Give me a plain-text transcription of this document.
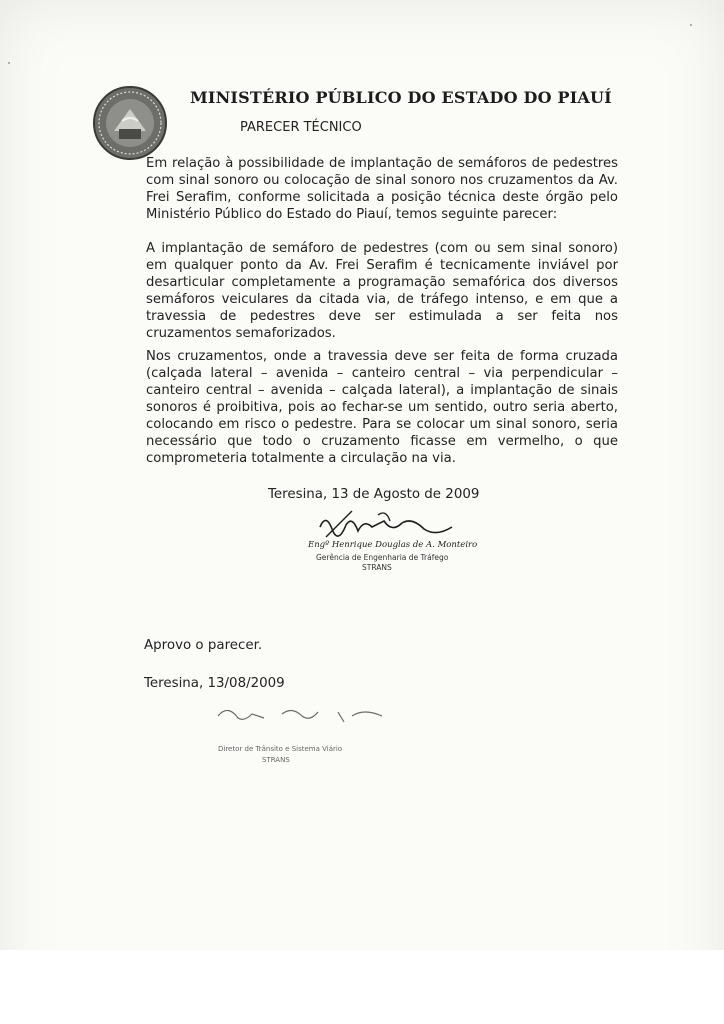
MINISTÉRIO PÚBLICO DO ESTADO DO PIAUÍ
PARECER TÉCNICO

Em relação à possibilidade de implantação de semáforos de pedestres com sinal sonoro ou colocação de sinal sonoro nos cruzamentos da Av. Frei Serafim, conforme solicitada a posição técnica deste órgão pelo Ministério Público do Estado do Piauí, temos seguinte parecer:

A implantação de semáforo de pedestres (com ou sem sinal sonoro) em qualquer ponto da Av. Frei Serafim é tecnicamente inviável por desarticular completamente a programação semafórica dos diversos semáforos veiculares da citada via, de tráfego intenso, e em que a travessia de pedestres deve ser estimulada a ser feita nos cruzamentos semaforizados.

Nos cruzamentos, onde a travessia deve ser feita de forma cruzada (calçada lateral – avenida – canteiro central – via perpendicular – canteiro central – avenida – calçada lateral), a implantação de sinais sonoros é proibitiva, pois ao fechar-se um sentido, outro seria aberto, colocando em risco o pedestre. Para se colocar um sinal sonoro, seria necessário que todo o cruzamento ficasse em vermelho, o que comprometeria totalmente a circulação na via.

Teresina, 13 de Agosto de 2009
Engº Henrique Douglas de A. Monteiro
Gerência de Engenharia de Tráfego
STRANS
Aprovo o parecer.
Teresina, 13/08/2009
Diretor de Trânsito e Sistema Viário
STRANS
